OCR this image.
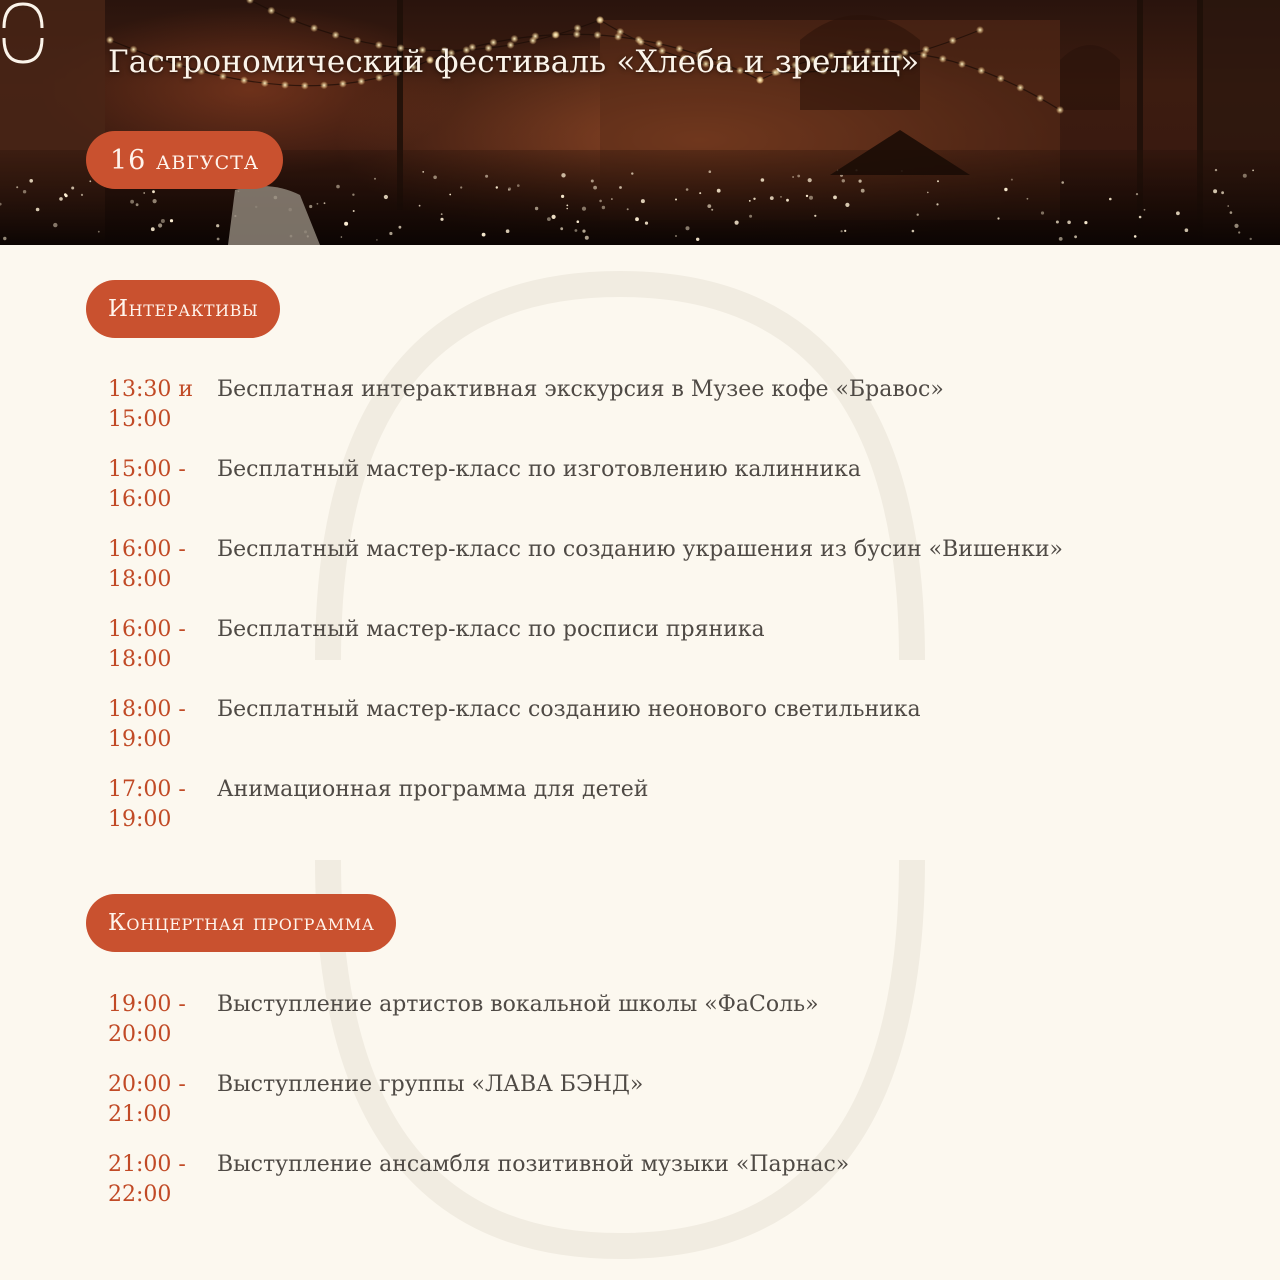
Гастрономический фестиваль «Хлеба и зрелищ»
16 августа
Интерактивы
13:30 и
15:00
Бесплатная интерактивная экскурсия в Музее кофе «Бравос»
15:00 -
16:00
Бесплатный мастер-класс по изготовлению калинника
16:00 -
18:00
Бесплатный мастер-класс по созданию украшения из бусин «Вишенки»
16:00 -
18:00
Бесплатный мастер-класс по росписи пряника
18:00 -
19:00
Бесплатный мастер-класс созданию неонового светильника
17:00 -
19:00
Анимационная программа для детей
Концертная программа
19:00 -
20:00
Выступление артистов вокальной школы «ФаСоль»
20:00 -
21:00
Выступление группы «ЛАВА БЭНД»
21:00 -
22:00
Выступление ансамбля позитивной музыки «Парнас»
